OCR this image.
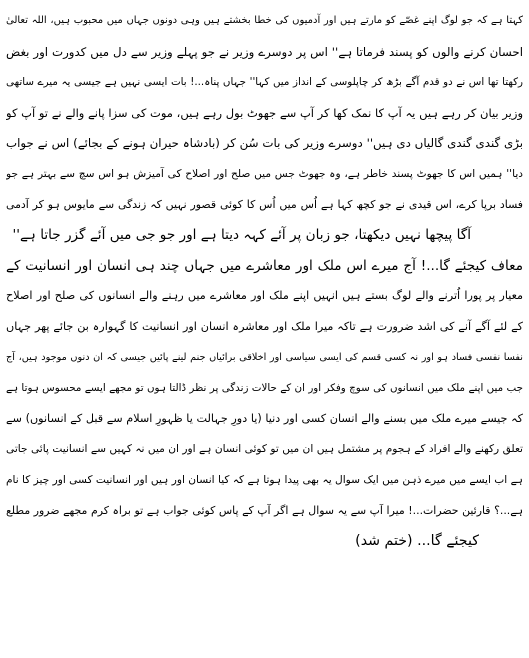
کہتا ہے کہ جو لوگ اپنے غصّے کو مارتے ہیں اور آدمیوں کی خطا بخشتے ہیں وہی دونوں جہاں میں محبوب ہیں، اللہ تعالیٰ
احسان کرنے والوں کو پسند فرماتا ہے'' اس پر دوسرے وزیر نے جو پہلے وزیر سے دل میں کدورت اور بغض
رکھتا تھا اس نے دو قدم آگے بڑھ کر چاپلوسی کے انداز میں کہا'' جہاں پناہ...! بات ایسی نہیں ہے جیسی یہ میرے ساتھی
وزیر بیان کر رہے ہیں یہ آپ کا نمک کھا کر آپ سے جھوٹ بول رہے ہیں، موت کی سزا پانے والے نے تو آپ کو
بڑی گندی گندی گالیاں دی ہیں'' دوسرے وزیر کی بات سُن کر (بادشاہ حیران ہونے کے بجائے) اس نے جواب
دیا'' ہمیں اس کا جھوٹ پسند خاطر ہے، وہ جھوٹ جس میں صلح اور اصلاح کی آمیزش ہو اس سچ سے بہتر ہے جو
فساد برپا کرے، اس قیدی نے جو کچھ کہا ہے اُس میں اُس کا کوئی قصور نہیں کہ زندگی سے مایوس ہو کر آدمی
آگا پیچھا نہیں دیکھتا، جو زبان پر آئے کہہ دیتا ہے اور جو جی میں آئے گزر جاتا ہے''
معاف کیجئے گا...! آج میرے اس ملک اور معاشرے میں جہاں چند ہی انسان اور انسانیت کے
معیار پر پورا اُترنے والے لوگ بستے ہیں انہیں اپنے ملک اور معاشرے میں رہنے والے انسانوں کی صلح اور اصلاح
کے لئے آگے آنے کی اشد ضرورت ہے تاکہ میرا ملک اور معاشرہ انسان اور انسانیت کا گہوارہ بن جائے پھر جہاں
نفسا نفسی فساد ہو اور نہ کسی قسم کی ایسی سیاسی اور اخلاقی برائیاں جنم لینے پائیں جیسی کہ ان دنوں موجود ہیں، آج
جب میں اپنے ملک میں انسانوں کی سوچ وفکر اور ان کے حالات زندگی پر نظر ڈالتا ہوں تو مجھے ایسے محسوس ہوتا ہے
کہ جیسے میرے ملک میں بسنے والے انسان کسی اور دنیا (یا دورِ جہالت یا ظہورِ اسلام سے قبل کے انسانوں) سے
تعلق رکھنے والے افراد کے ہجوم پر مشتمل ہیں ان میں تو کوئی انسان ہے اور ان میں نہ کہیں سے انسانیت پائی جاتی
ہے اب ایسے میں میرے ذہن میں ایک سوال یہ بھی پیدا ہوتا ہے کہ کیا انسان اور ہیں اور انسانیت کسی اور چیز کا نام
ہے...؟ قارئین حضرات...! میرا آپ سے یہ سوال ہے اگر آپ کے پاس کوئی جواب ہے تو براہ کرم مجھے ضرور مطلع
کیجئے گا... (ختم شد)
